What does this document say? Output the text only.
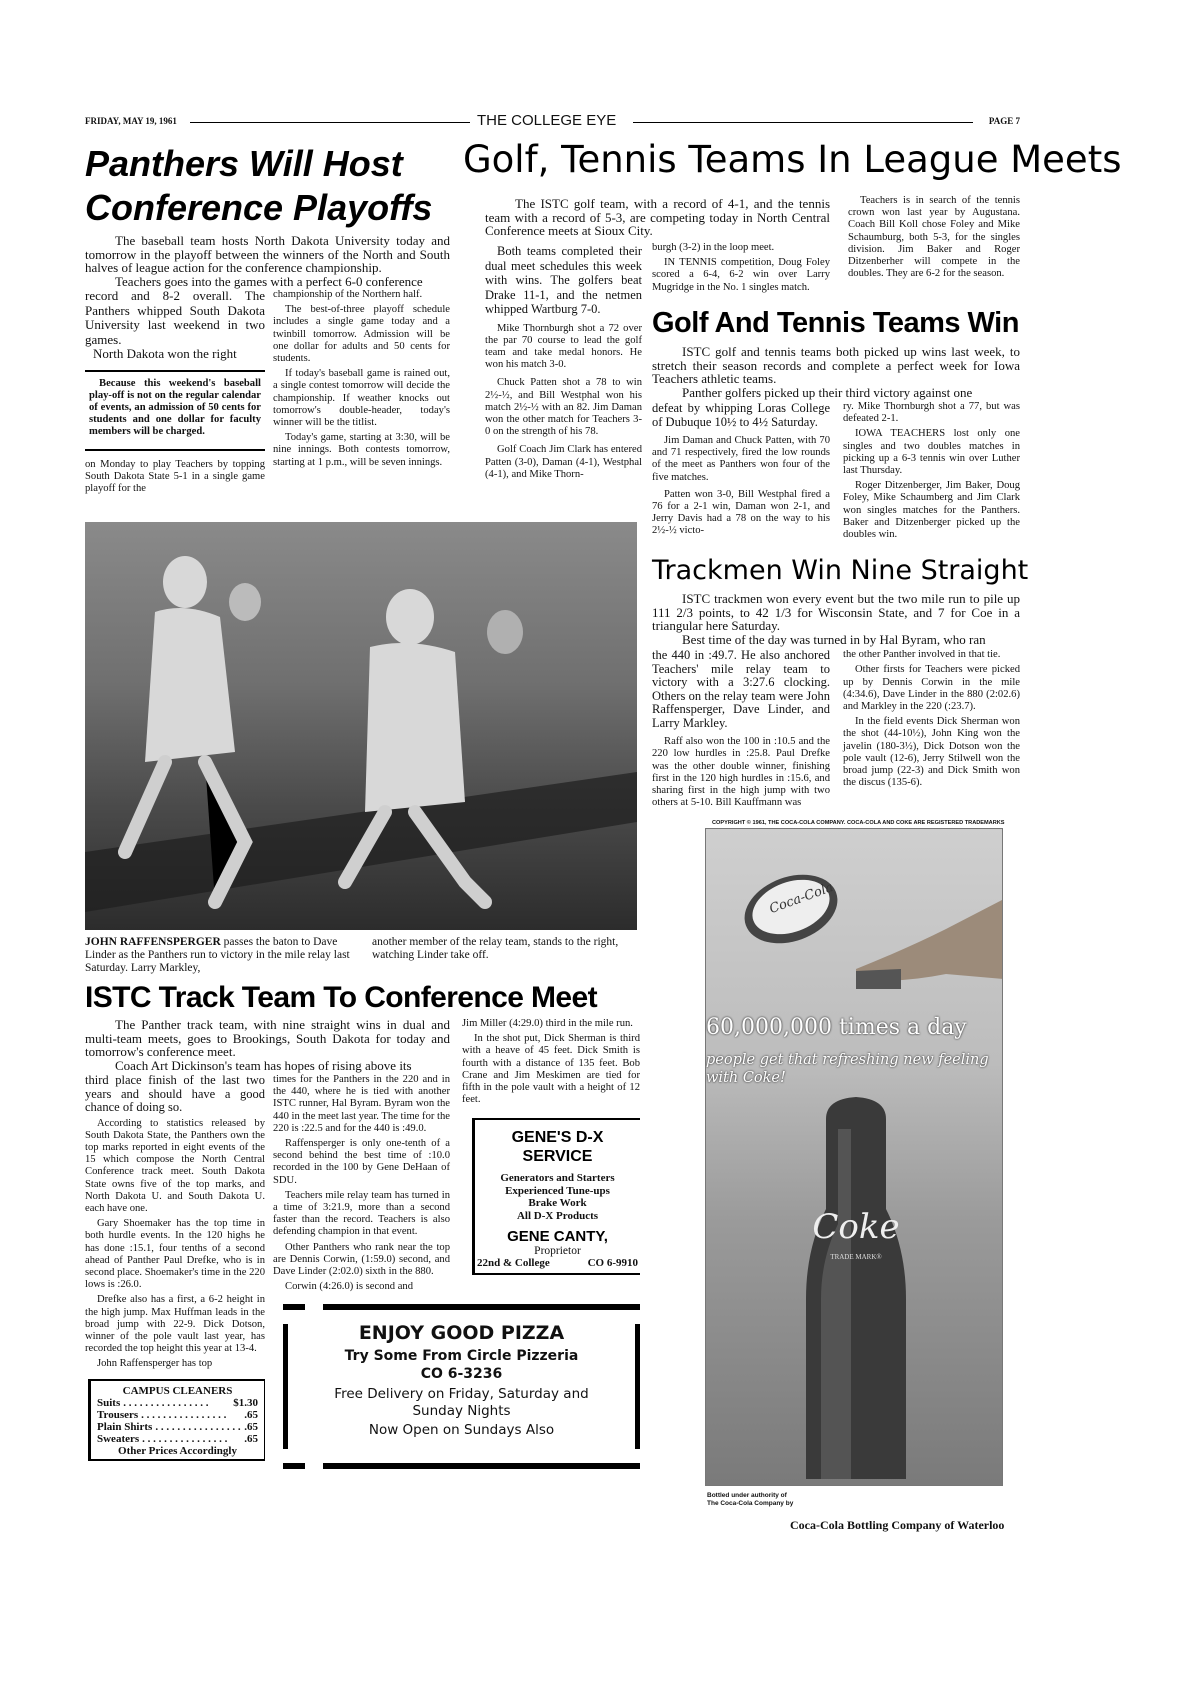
FRIDAY, MAY 19, 1961	THE COLLEGE EYE	PAGE 7
Panthers Will Host
Conference Playoffs

The baseball team hosts North Dakota University today and tomorrow in the playoff between the winners of the North and South halves of league action for the conference championship.

Teachers goes into the games with a perfect 6-0 conference

record and 8-2 overall. The Panthers whipped South Dakota University last weekend in two games.

North Dakota won the right

Because this weekend's baseball play-off is not on the regular calendar of events, an admission of 50 cents for students and one dollar for faculty members will be charged.

on Monday to play Teachers by topping South Dakota State 5-1 in a single game playoff for the

championship of the Northern half.

The best-of-three playoff schedule includes a single game today and a twinbill tomorrow. Admission will be one dollar for adults and 50 cents for students.

If today's baseball game is rained out, a single contest tomorrow will decide the championship. If weather knocks out tomorrow's double-header, today's winner will be the titlist.

Today's game, starting at 3:30, will be nine innings. Both contests tomorrow, starting at 1 p.m., will be seven innings.

Golf, Tennis Teams In League Meets

The ISTC golf team, with a record of 4-1, and the tennis team with a record of 5-3, are competing today in North Central Conference meets at Sioux City.

Teachers is in search of the tennis crown won last year by Augustana. Coach Bill Koll chose Foley and Mike Schaumburg, both 5-3, for the singles division. Jim Baker and Roger Ditzenberher will compete in the doubles. They are 6-2 for the season.

Both teams completed their dual meet schedules this week with wins. The golfers beat Drake 11-1, and the netmen whipped Wartburg 7-0.

Mike Thornburgh shot a 72 over the par 70 course to lead the golf team and take medal honors. He won his match 3-0.

Chuck Patten shot a 78 to win 2½-½, and Bill Westphal won his match 2½-½ with an 82. Jim Daman won the other match for Teachers 3-0 on the strength of his 78.

Golf Coach Jim Clark has entered Patten (3-0), Daman (4-1), Westphal (4-1), and Mike Thorn-

burgh (3-2) in the loop meet.

IN TENNIS competition, Doug Foley scored a 6-4, 6-2 win over Larry Mugridge in the No. 1 singles match.

Golf And Tennis Teams Win

ISTC golf and tennis teams both picked up wins last week, to stretch their season records and complete a perfect week for Iowa Teachers athletic teams.

Panther golfers picked up their third victory against one

defeat by whipping Loras College of Dubuque 10½ to 4½ Saturday.

Jim Daman and Chuck Patten, with 70 and 71 respectively, fired the low rounds of the meet as Panthers won four of the five matches.

Patten won 3-0, Bill Westphal fired a 76 for a 2-1 win, Daman won 2-1, and Jerry Davis had a 78 on the way to his 2½-½ victo-

ry. Mike Thornburgh shot a 77, but was defeated 2-1.

IOWA TEACHERS lost only one singles and two doubles matches in picking up a 6-3 tennis win over Luther last Thursday.

Roger Ditzenberger, Jim Baker, Doug Foley, Mike Schaumberg and Jim Clark won singles matches for the Panthers. Baker and Ditzenberger picked up the doubles win.

Trackmen Win Nine Straight

ISTC trackmen won every event but the two mile run to pile up 111 2/3 points, to 42 1/3 for Wisconsin State, and 7 for Coe in a triangular here Saturday.

Best time of the day was turned in by Hal Byram, who ran

the 440 in :49.7. He also anchored Teachers' mile relay team to victory with a 3:27.6 clocking. Others on the relay team were John Raffensperger, Dave Linder, and Larry Markley.

Raff also won the 100 in :10.5 and the 220 low hurdles in :25.8. Paul Drefke was the other double winner, finishing first in the 120 high hurdles in :15.6, and sharing first in the high jump with two others at 5-10. Bill Kauffmann was

the other Panther involved in that tie.

Other firsts for Teachers were picked up by Dennis Corwin in the mile (4:34.6), Dave Linder in the 880 (2:02.6) and Markley in the 220 (:23.7).

In the field events Dick Sherman won the shot (44-10½), John King won the javelin (180-3½), Dick Dotson won the pole vault (12-6), Jerry Stilwell won the broad jump (22-3) and Dick Smith won the discus (135-6).

COPYRIGHT © 1961, THE COCA-COLA COMPANY. COCA-COLA AND COKE ARE REGISTERED TRADEMARKS
Coca-Cola
60,000,000 times a day
people get that refreshing new feeling
with Coke!
Coke
TRADE MARK®
Bottled under authority of
The Coca-Cola Company by
Coca-Cola Bottling Company of Waterloo
JOHN RAFFENSPERGER passes the baton to Dave Linder as the Panthers run to victory in the mile relay last Saturday. Larry Markley,
another member of the relay team, stands to the right, watching Linder take off.
ISTC Track Team To Conference Meet

The Panther track team, with nine straight wins in dual and multi-team meets, goes to Brookings, South Dakota for today and tomorrow's conference meet.

Coach Art Dickinson's team has hopes of rising above its

Jim Miller (4:29.0) third in the mile run.

In the shot put, Dick Sherman is third with a heave of 45 feet. Dick Smith is fourth with a distance of 135 feet. Bob Crane and Jim Meskimen are tied for fifth in the pole vault with a height of 12 feet.

GENE'S D-X
SERVICE
Generators and Starters
Experienced Tune-ups
Brake Work
All D-X Products
GENE CANTY,
Proprietor
22nd & College	CO 6-9910

third place finish of the last two years and should have a good chance of doing so.

According to statistics released by South Dakota State, the Panthers own the top marks reported in eight events of the 15 which compose the North Central Conference track meet. South Dakota State owns five of the top marks, and North Dakota U. and South Dakota U. each have one.

Gary Shoemaker has the top time in both hurdle events. In the 120 highs he has done :15.1, four tenths of a second ahead of Panther Paul Drefke, who is in second place. Shoemaker's time in the 220 lows is :26.0.

Drefke also has a first, a 6-2 height in the high jump. Max Huffman leads in the broad jump with 22-9. Dick Dotson, winner of the pole vault last year, has recorded the top height this year at 13-4.

John Raffensperger has top

CAMPUS CLEANERS
Suits . . . . . . . . . . . . . . . .	$1.30
Trousers . . . . . . . . . . . . . . . .	.65
Plain Shirts . . . . . . . . . . . . . . . . .65
Sweaters . . . . . . . . . . . . . . . .	.65
Other Prices Accordingly

times for the Panthers in the 220 and in the 440, where he is tied with another ISTC runner, Hal Byram. Byram won the 440 in the meet last year. The time for the 220 is :22.5 and for the 440 is :49.0.

Raffensperger is only one-tenth of a second behind the best time of :10.0 recorded in the 100 by Gene DeHaan of SDU.

Teachers mile relay team has turned in a time of 3:21.9, more than a second faster than the record. Teachers is also defending champion in that event.

Other Panthers who rank near the top are Dennis Corwin, (1:59.0) second, and Dave Linder (2:02.0) sixth in the 880.

Corwin (4:26.0) is second and

ENJOY GOOD PIZZA
Try Some From Circle Pizzeria
CO 6-3236
Free Delivery on Friday, Saturday and
Sunday Nights
Now Open on Sundays Also
